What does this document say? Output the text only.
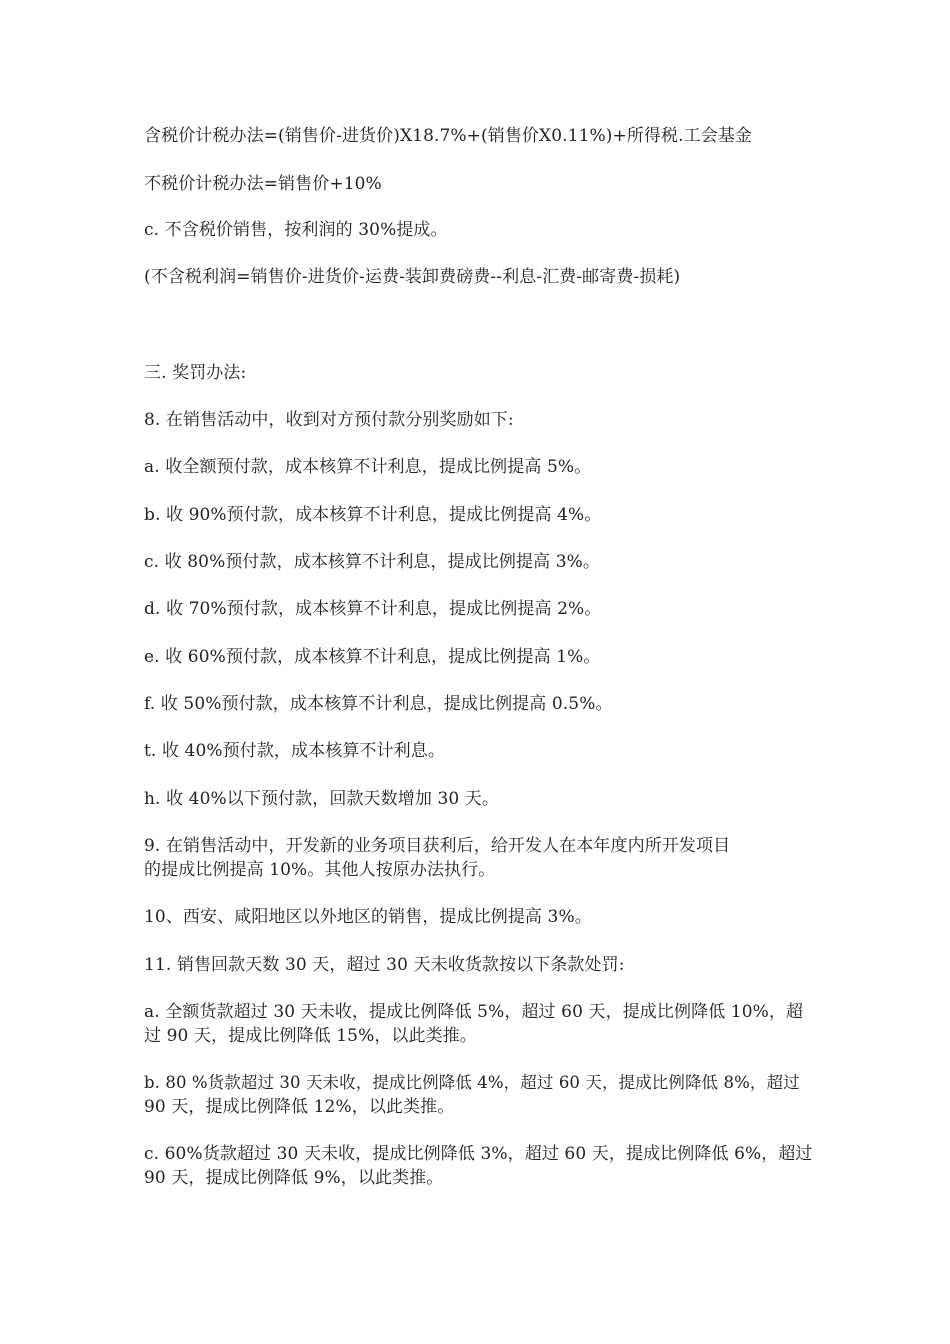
含税价计税办法=(销售价-进货价)X18.7%+(销售价X0.11%)+所得税.工会基金
不税价计税办法=销售价+10%
c. 不含税价销售，按利润的 30%提成。
(不含税利润=销售价-进货价-运费-装卸费磅费--利息-汇费-邮寄费-损耗)
三. 奖罚办法:
8. 在销售活动中，收到对方预付款分别奖励如下:
a. 收全额预付款，成本核算不计利息，提成比例提高 5%。
b. 收 90%预付款，成本核算不计利息，提成比例提高 4%。
c. 收 80%预付款，成本核算不计利息，提成比例提高 3%。
d. 收 70%预付款，成本核算不计利息，提成比例提高 2%。
e. 收 60%预付款，成本核算不计利息，提成比例提高 1%。
f. 收 50%预付款，成本核算不计利息，提成比例提高 0.5%。
t. 收 40%预付款，成本核算不计利息。
h. 收 40%以下预付款，回款天数增加 30 天。
9. 在销售活动中，开发新的业务项目获利后，给开发人在本年度内所开发项目
的提成比例提高 10%。其他人按原办法执行。
10、西安、咸阳地区以外地区的销售，提成比例提高 3%。
11. 销售回款天数 30 天，超过 30 天未收货款按以下条款处罚:
a. 全额货款超过 30 天未收，提成比例降低 5%，超过 60 天，提成比例降低 10%，超
过 90 天，提成比例降低 15%，以此类推。
b. 80 %货款超过 30 天未收，提成比例降低 4%，超过 60 天，提成比例降低 8%，超过
90 天，提成比例降低 12%，以此类推。
c. 60%货款超过 30 天未收，提成比例降低 3%，超过 60 天，提成比例降低 6%，超过
90 天，提成比例降低 9%，以此类推。
